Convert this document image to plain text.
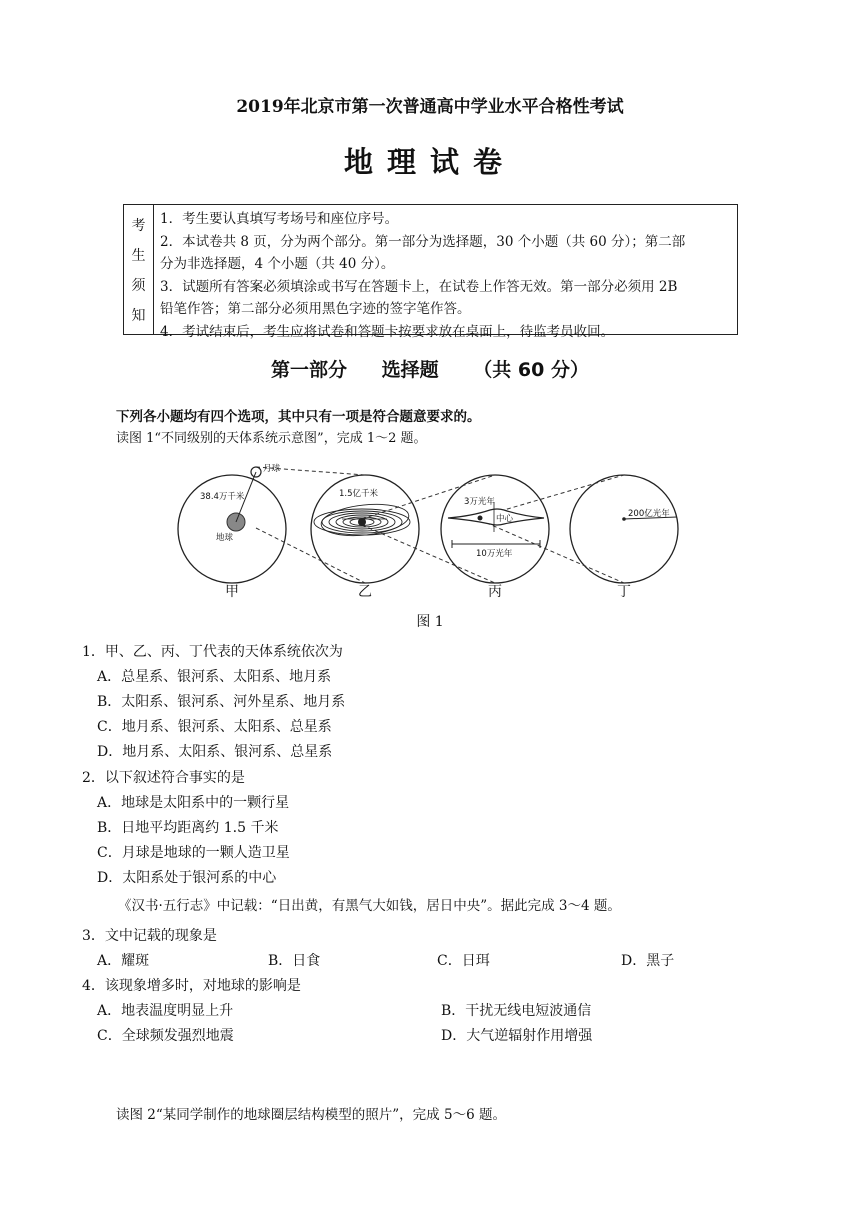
2019年北京市第一次普通高中学业水平合格性考试
地理试卷
考
生
须
知
1．考生要认真填写考场号和座位序号。
2．本试卷共 8 页，分为两个部分。第一部分为选择题，30 个小题（共 60 分）；第二部
分为非选择题，4 个小题（共 40 分）。
3．试题所有答案必须填涂或书写在答题卡上，在试卷上作答无效。第一部分必须用 2B
铅笔作答；第二部分必须用黑色字迹的签字笔作答。
4．考试结束后，考生应将试卷和答题卡按要求放在桌面上，待监考员收回。
第一部分 选择题 （共 60 分）
下列各小题均有四个选项，其中只有一项是符合题意要求的。
读图 1“不同级别的天体系统示意图”，完成 1～2 题。
月球
38.4万千米
地球
1.5亿千米
3万光年
中心
10万光年
200亿光年
甲	乙	丙	丁
图 1
1．甲、乙、丙、丁代表的天体系统依次为
A．总星系、银河系、太阳系、地月系
B．太阳系、银河系、河外星系、地月系
C．地月系、银河系、太阳系、总星系
D．地月系、太阳系、银河系、总星系
2．以下叙述符合事实的是
A．地球是太阳系中的一颗行星
B．日地平均距离约 1.5 千米
C．月球是地球的一颗人造卫星
D．太阳系处于银河系的中心
《汉书·五行志》中记载：“日出黄，有黑气大如钱，居日中央”。据此完成 3～4 题。
3．文中记载的现象是
A．耀斑	B．日食	C．日珥	D．黑子
4．该现象增多时，对地球的影响是
A．地表温度明显上升	B．干扰无线电短波通信
C．全球频发强烈地震	D．大气逆辐射作用增强
读图 2“某同学制作的地球圈层结构模型的照片”，完成 5～6 题。
